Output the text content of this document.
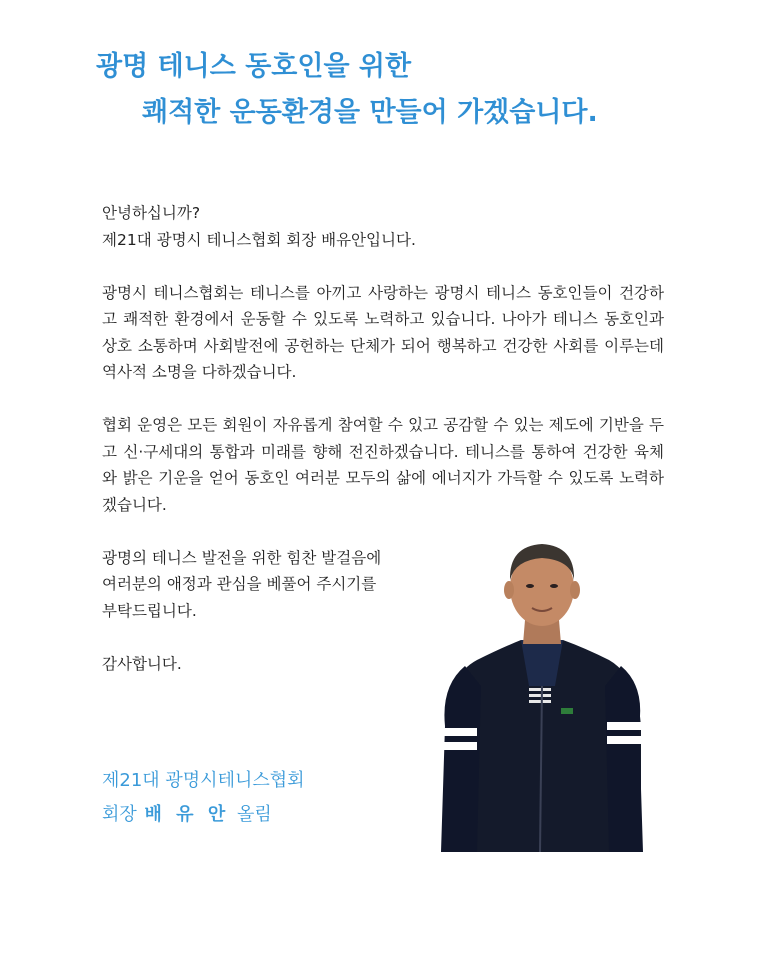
광명 테니스 동호인을 위한
쾌적한 운동환경을 만들어 가겠습니다.

안녕하십니까?
제21대 광명시 테니스협회 회장 배유안입니다.

광명시 테니스협회는 테니스를 아끼고 사랑하는 광명시 테니스 동호인들이 건강하고 쾌적한 환경에서 운동할 수 있도록 노력하고 있습니다. 나아가 테니스 동호인과 상호 소통하며 사회발전에 공헌하는 단체가 되어 행복하고 건강한 사회를 이루는데 역사적 소명을 다하겠습니다.

협회 운영은 모든 회원이 자유롭게 참여할 수 있고 공감할 수 있는 제도에 기반을 두고 신·구세대의 통합과 미래를 향해 전진하겠습니다. 테니스를 통하여 건강한 육체와 밝은 기운을 얻어 동호인 여러분 모두의 삶에 에너지가 가득할 수 있도록 노력하겠습니다.

광명의 테니스 발전을 위한 힘찬 발걸음에
여러분의 애정과 관심을 베풀어 주시기를
부탁드립니다.

감사합니다.

제21대 광명시테니스협회
회장 배 유 안 올림
